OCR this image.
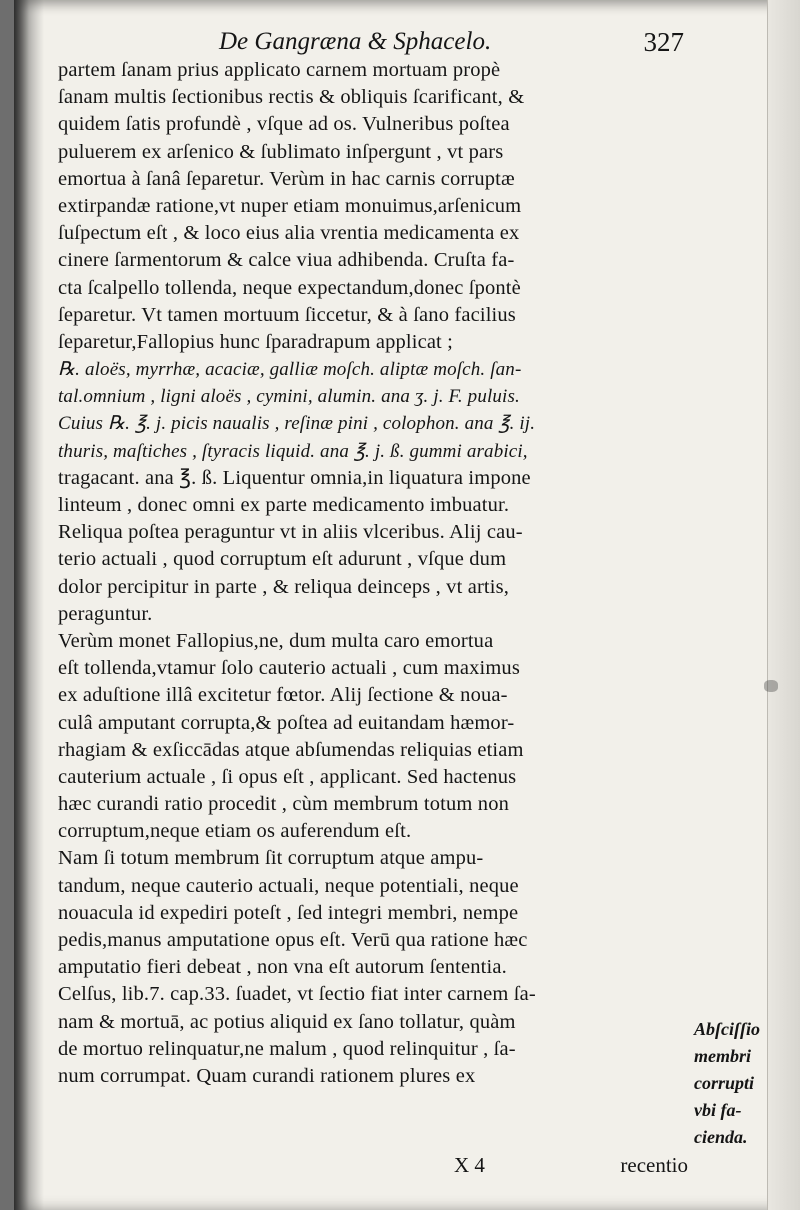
De Gangræna & Sphacelo.	327
partem ſanam prius applicato carnem mortuam propè
ſanam multis ſectionibus rectis & obliquis ſcarificant, &
quidem ſatis profundè , vſque ad os. Vulneribus poſtea
puluerem ex arſenico & ſublimato inſpergunt , vt pars
emortua à ſanâ ſeparetur. Verùm in hac carnis corruptæ
extirpandæ ratione,vt nuper etiam monuimus,arſenicum
ſuſpectum eſt , & loco eius alia vrentia medicamenta ex
cinere ſarmentorum & calce viua adhibenda. Cruſta fa-
cta ſcalpello tollenda, neque expectandum,donec ſpontè
ſeparetur. Vt tamen mortuum ſiccetur, & à ſano facilius
ſeparetur,Fallopius hunc ſparadrapum applicat ;
℞. aloës, myrrhæ, acaciæ, galliæ moſch. aliptæ moſch. ſan-
tal.omnium , ligni aloës , cymini, alumin. ana ʒ. j. F. puluis.
Cuius ℞. ℥. j. picis naualis , reſinæ pini , colophon. ana ℥. ij.
thuris, maſtiches , ſtyracis liquid. ana ℥. j. ß. gummi arabici,
tragacant. ana ℥. ß. Liquentur omnia,in liquatura impone
linteum , donec omni ex parte medicamento imbuatur.
Reliqua poſtea peraguntur vt in aliis vlceribus. Alij cau-
terio actuali , quod corruptum eſt adurunt , vſque dum
dolor percipitur in parte , & reliqua deinceps , vt artis,
peraguntur.
Verùm monet Fallopius,ne, dum multa caro emortua
eſt tollenda,vtamur ſolo cauterio actuali , cum maximus
ex aduſtione illâ excitetur fœtor. Alij ſectione & noua-
culâ amputant corrupta,& poſtea ad euitandam hæmor-
rhagiam & exſiccādas atque abſumendas reliquias etiam
cauterium actuale , ſi opus eſt , applicant. Sed hactenus
hæc curandi ratio procedit , cùm membrum totum non
corruptum,neque etiam os auferendum eſt.
Nam ſi totum membrum ſit corruptum atque ampu-
tandum, neque cauterio actuali, neque potentiali, neque
nouacula id expediri poteſt , ſed integri membri, nempe
pedis,manus amputatione opus eſt. Verū qua ratione hæc
amputatio fieri debeat , non vna eſt autorum ſententia.
Celſus, lib.7. cap.33. ſuadet, vt ſectio fiat inter carnem ſa-
nam & mortuā, ac potius aliquid ex ſano tollatur, quàm
de mortuo relinquatur,ne malum , quod relinquitur , ſa-
num corrumpat. Quam curandi rationem plures ex
Abſciſſio
membri
corrupti
vbi fa-
cienda.
X 4	recentio
